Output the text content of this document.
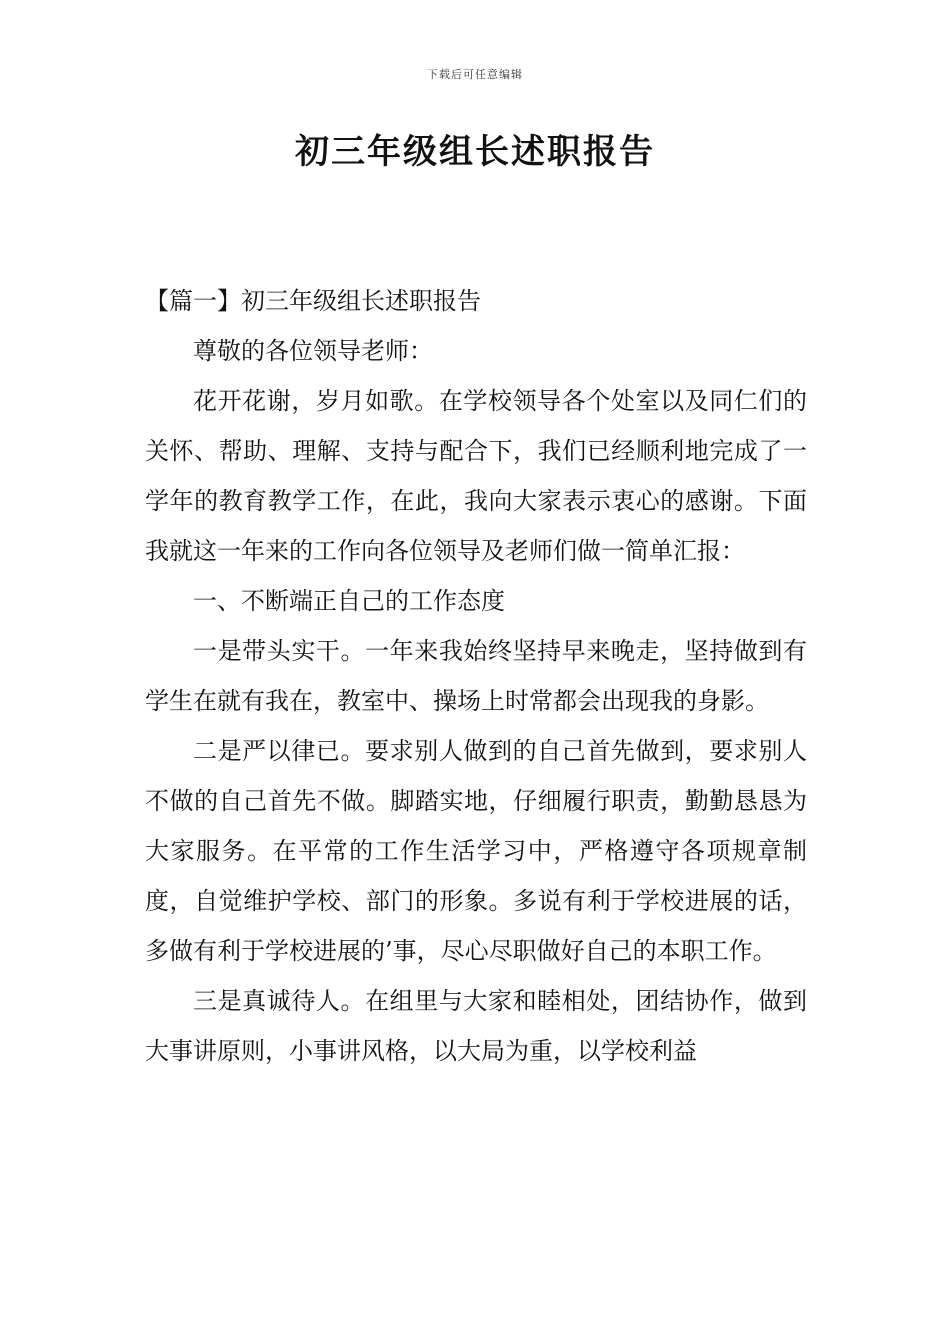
下载后可任意编辑
初三年级组长述职报告

【篇一】初三年级组长述职报告

尊敬的各位领导老师：

花开花谢，岁月如歌。在学校领导各个处室以及同仁们的关怀、帮助、理解、支持与配合下，我们已经顺利地完成了一学年的教育教学工作，在此，我向大家表示衷心的感谢。下面我就这一年来的工作向各位领导及老师们做一简单汇报：

一、不断端正自己的工作态度

一是带头实干。一年来我始终坚持早来晚走，坚持做到有学生在就有我在，教室中、操场上时常都会出现我的身影。

二是严以律已。要求别人做到的自己首先做到，要求别人不做的自己首先不做。脚踏实地，仔细履行职责，勤勤恳恳为大家服务。在平常的工作生活学习中，严格遵守各项规章制度，自觉维护学校、部门的形象。多说有利于学校进展的话，多做有利于学校进展的’事，尽心尽职做好自己的本职工作。

三是真诚待人。在组里与大家和睦相处，团结协作，做到大事讲原则，小事讲风格，以大局为重，以学校利益
